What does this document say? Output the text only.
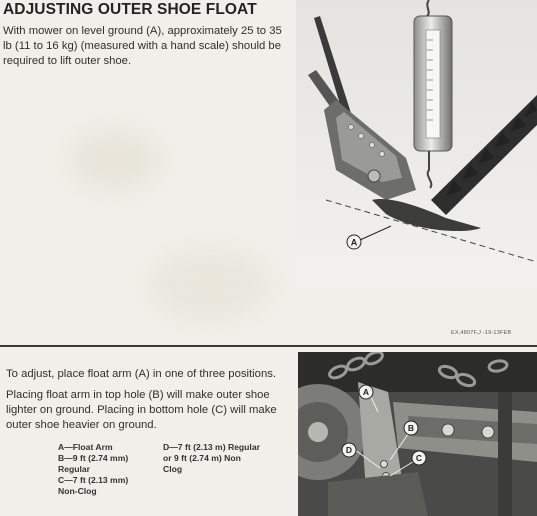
ADJUSTING OUTER SHOE FLOAT

With mower on level ground (A), approximately 25 to 35
lb (11 to 16 kg) (measured with a hand scale) should be
required to lift outer shoe.

A
EX,4807F,J -19-13FEB

To adjust, place float arm (A) in one of three positions.

Placing float arm in top hole (B) will make outer shoe
lighter on ground. Placing in bottom hole (C) will make
outer shoe heavier on ground.

A—Float Arm
B—9 ft (2.74 mm)
Regular
C—7 ft (2.13 mm)
Non-Clog
D—7 ft (2.13 m) Regular
or 9 ft (2.74 m) Non
Clog
A
B
D
C
